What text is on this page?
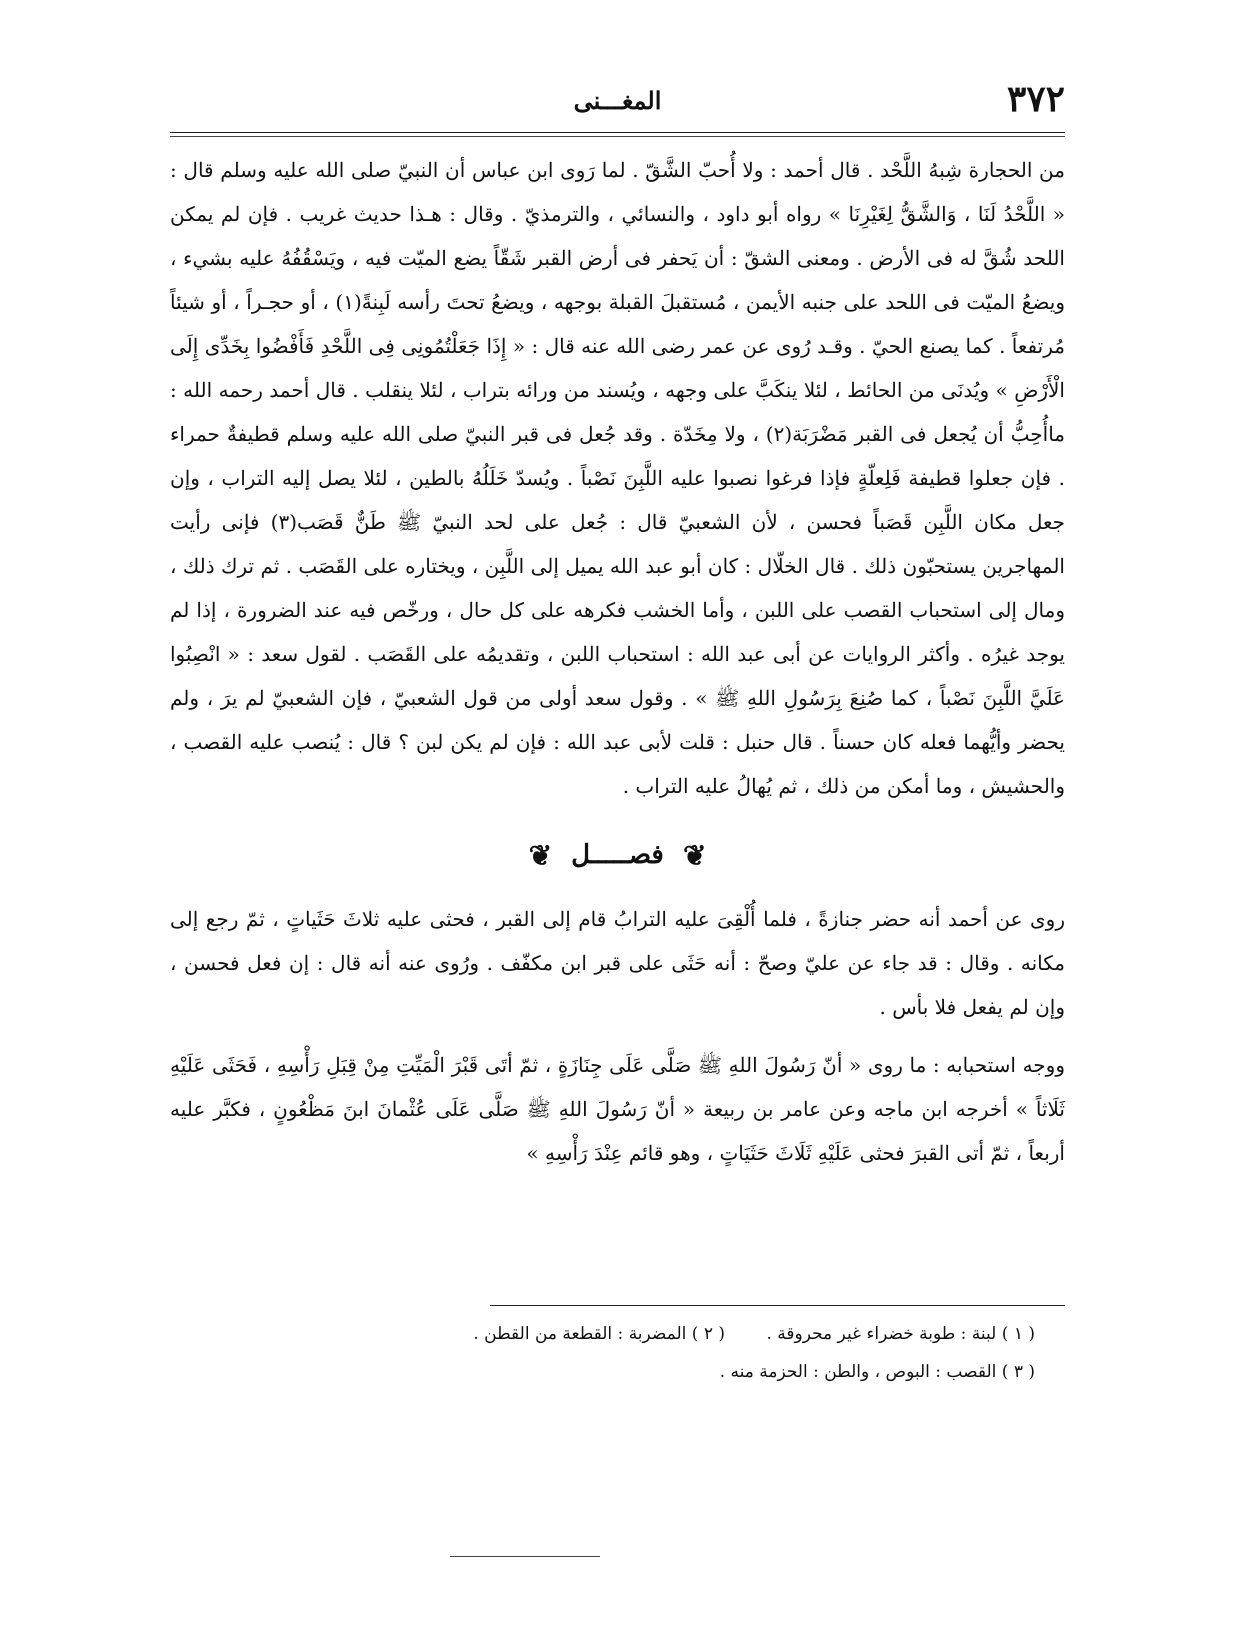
٣٧٢
المغـــنى

من الحجارة شِبهُ اللَّحْد . قال أحمد : ولا أُحبّ الشَّقّ . لما رَوى ابن عباس أن النبيّ صلى الله عليه وسلم قال : « اللَّحْدُ لَنَا ، وَالشَّقُّ لِغَيْرِنَا » رواه أبو داود ، والنسائي ، والترمذيّ . وقال : هـذا حديث غريب . فإن لم يمكن اللحد شُقَّ له فى الأرض . ومعنى الشقّ : أن يَحفر فى أرض القبر شَقّاً يضع الميّت فيه ، ويَسْقُفُهُ عليه بشيء ، ويضعُ الميّت فى اللحد على جنبه الأيمن ، مُستقبلَ القبلة بوجهه ، ويضعُ تحتَ رأسه لَبِنةً(١) ، أو حجـراً ، أو شيئاً مُرتفعاً . كما يصنع الحيّ . وقـد رُوى عن عمر رضى الله عنه قال : « إِذَا جَعَلْتُمُونِى فِى اللَّحْدِ فَأَفْضُوا بِخَدِّى إِلَى الْأَرْضِ » ويُدنَى من الحائط ، لئلا ينكَبَّ على وجهه ، ويُسند من ورائه بتراب ، لئلا ينقلب . قال أحمد رحمه الله : ماأُحِبُّ أن يُجعل فى القبر مَضْرَبَة(٢) ، ولا مِخَدّة . وقد جُعل فى قبر النبيّ صلى الله عليه وسلم قطيفةٌ حمراء . فإن جعلوا قطيفة فَلِعلّةٍ فإذا فرغوا نصبوا عليه اللَّبِنَ نَصْباً . ويُسدّ خَلَلُهُ بالطين ، لئلا يصل إليه التراب ، وإن جعل مكان اللَّبِن قَصَباً فحسن ، لأن الشعبيّ قال : جُعل على لحد النبيّ ﷺ طَنٌّ قَصَب(٣) فإنى رأيت المهاجرين يستحبّون ذلك . قال الخلّال : كان أبو عبد الله يميل إلى اللَّبِن ، ويختاره على القَصَب . ثم ترك ذلك ، ومال إلى استحباب القصب على اللبن ، وأما الخشب فكرهه على كل حال ، ورخّص فيه عند الضرورة ، إذا لم يوجد غيرُه . وأكثر الروايات عن أبى عبد الله : استحباب اللبن ، وتقديمُه على القَصَب . لقول سعد : « انْصِبُوا عَلَيَّ اللَّبِنَ نَصْباً ، كما صُنِعَ بِرَسُولِ اللهِ ﷺ » . وقول سعد أولى من قول الشعبيّ ، فإن الشعبيّ لم يرَ ، ولم يحضر وأيُّهما فعله كان حسناً . قال حنبل : قلت لأبى عبد الله : فإن لم يكن لبن ؟ قال : يُنصب عليه القصب ، والحشيش ، وما أمكن من ذلك ، ثم يُهالُ عليه التراب .

❦ فصـــــل ❦

روى عن أحمد أنه حضر جنازةً ، فلما أُلْقِىَ عليه الترابُ قام إلى القبر ، فحثى عليه ثلاثَ حَثَياتٍ ، ثمّ رجع إلى مكانه . وقال : قد جاء عن عليّ وصحّ : أنه حَثَى على قبر ابن مكفّف . ورُوى عنه أنه قال : إن فعل فحسن ، وإن لم يفعل فلا بأس .

ووجه استحبابه : ما روى « أنّ رَسُولَ اللهِ ﷺ صَلَّى عَلَى جِنَازَةٍ ، ثمّ أتَى قَبْرَ الْمَيِّتِ مِنْ قِبَلِ رَأْسِهِ ، فَحَثَى عَلَيْهِ ثَلَاثاً » أخرجه ابن ماجه وعن عامر بن ربيعة « أنّ رَسُولَ اللهِ ﷺ صَلَّى عَلَى عُثْمانَ ابنَ مَظْعُونٍ ، فكبَّر عليه أربعاً ، ثمّ أتى القبرَ فحثى عَلَيْهِ ثَلَاثَ حَثَيَاتٍ ، وهو قائم عِنْدَ رَأْسِهِ »

( ١ ) لبنة : طوبة خضراء غير محروقة . ( ٢ ) المضربة : القطعة من القطن .
( ٣ ) القصب : البوص ، والطن : الحزمة منه .
